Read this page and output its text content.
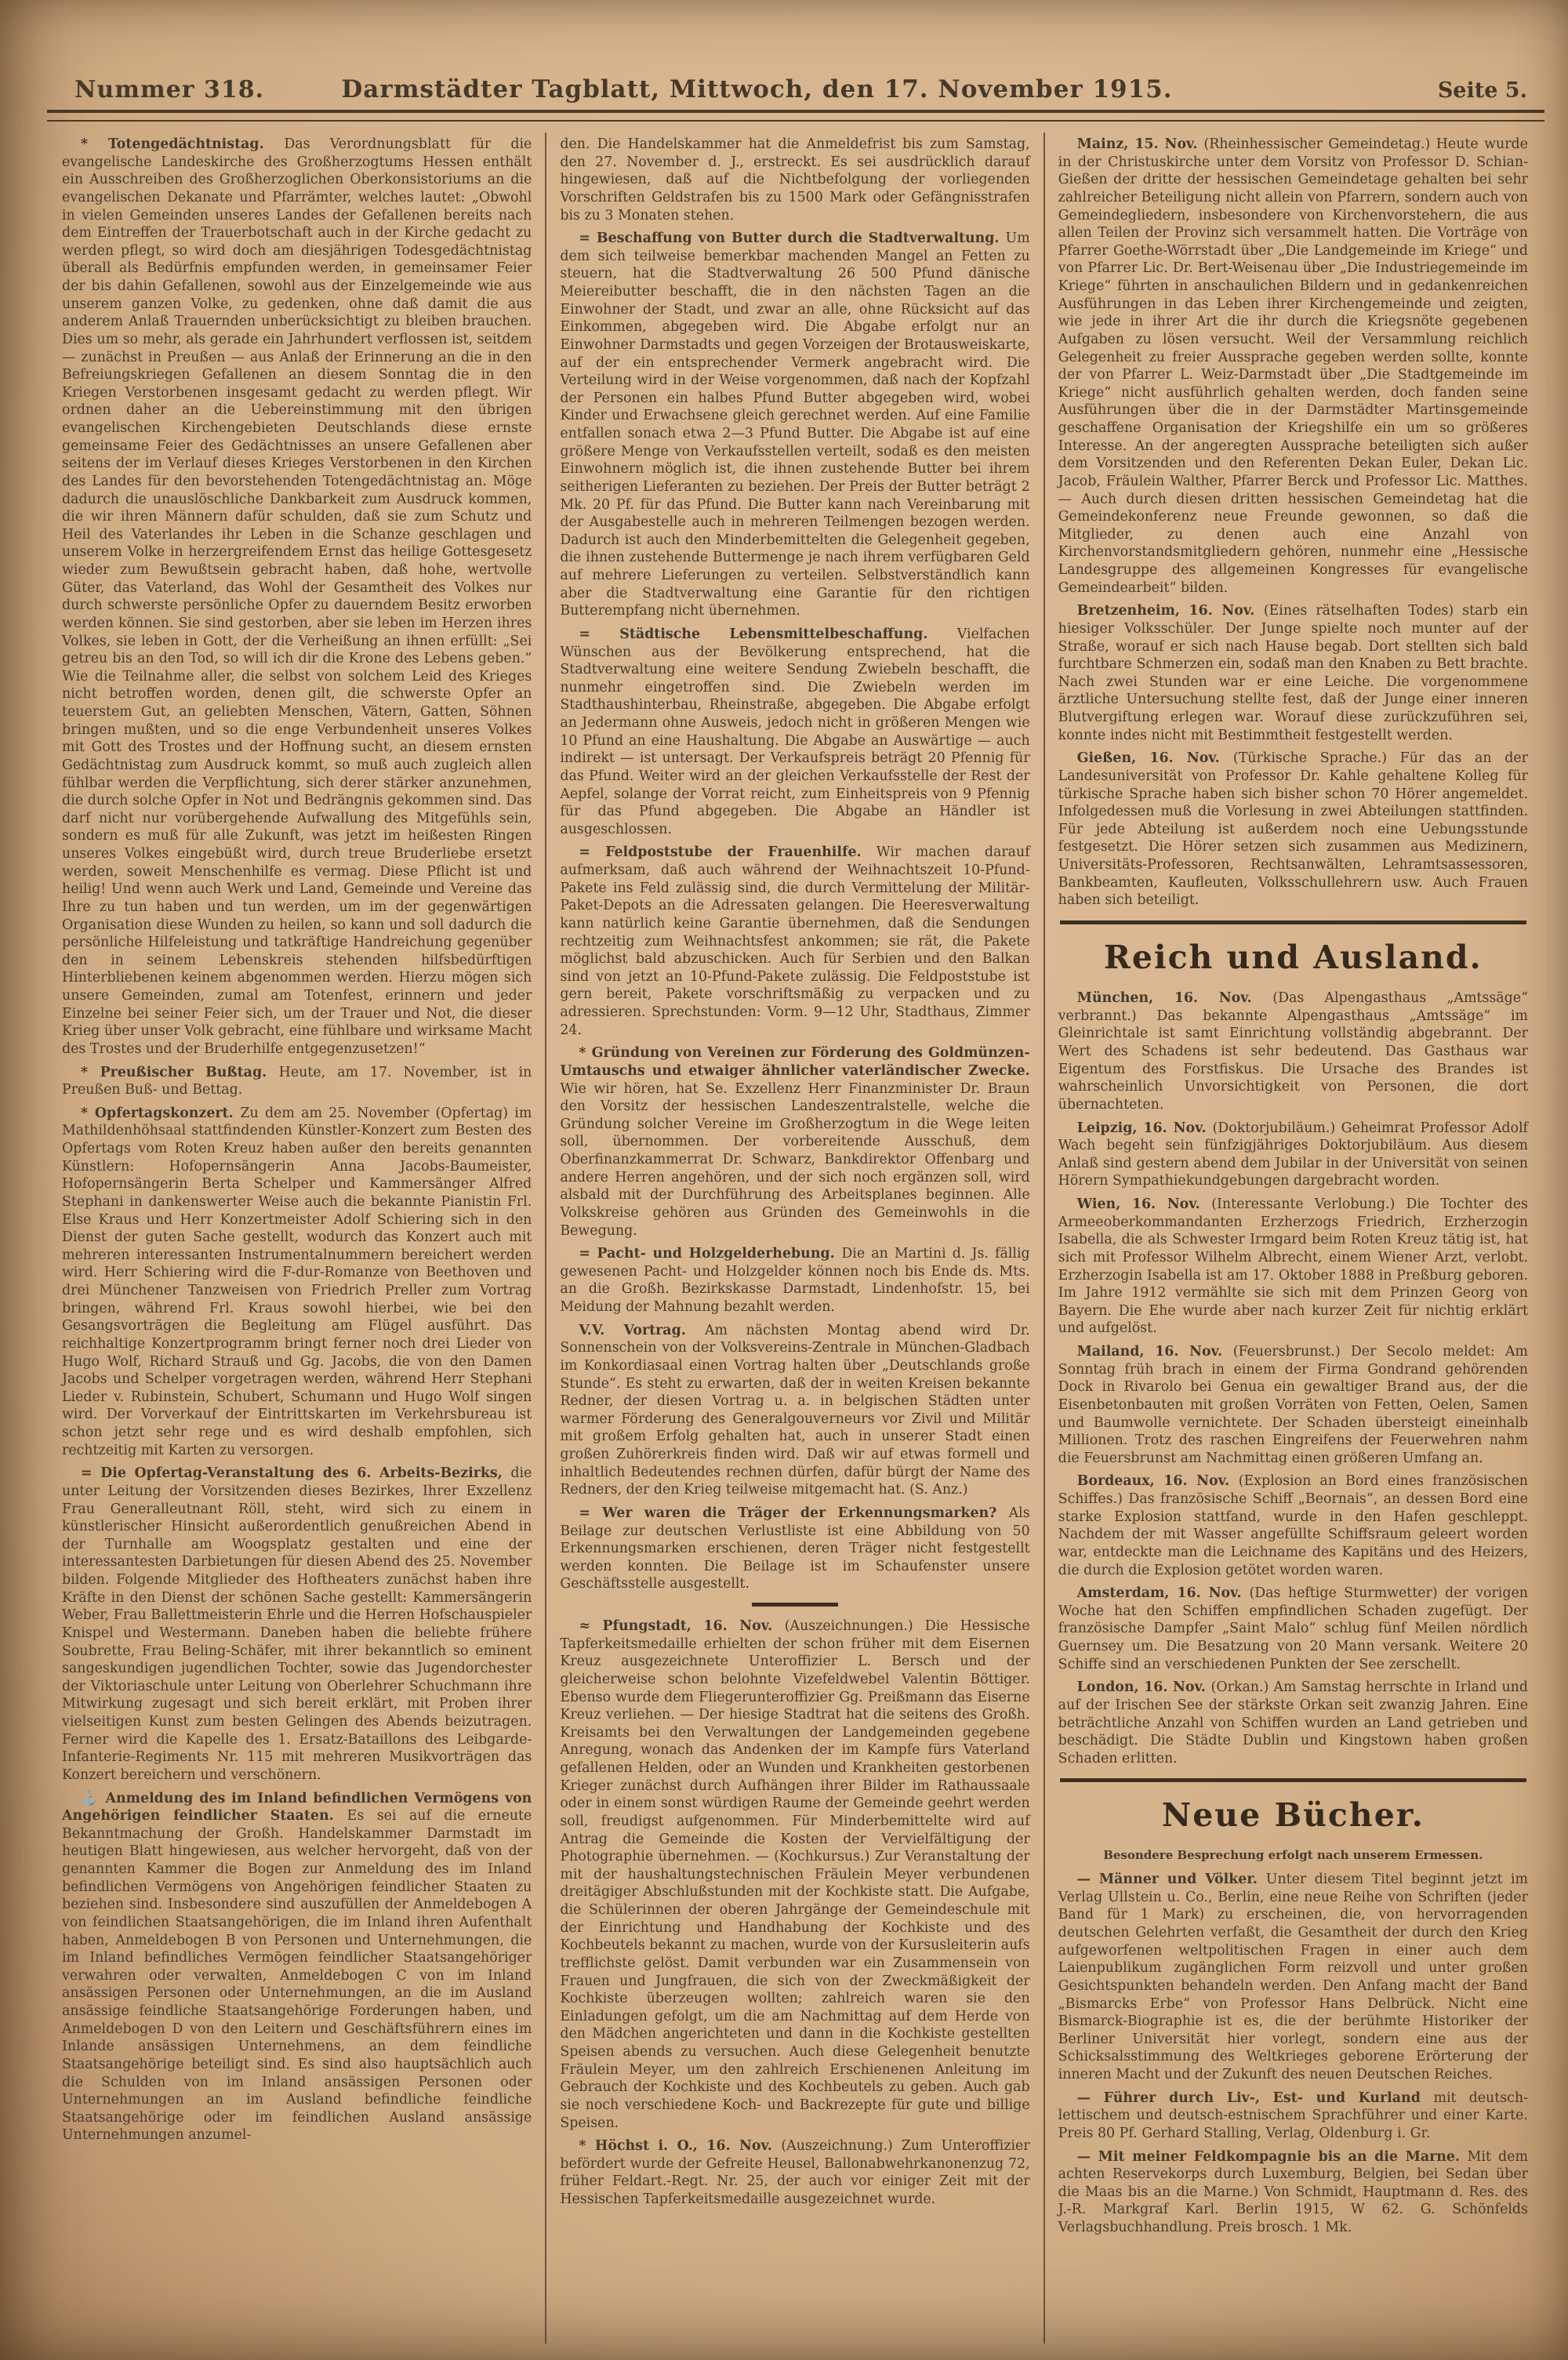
Nummer 318.	Darmstädter Tagblatt, Mittwoch, den 17. November 1915.	Seite 5.

* Totengedächtnistag. Das Verordnungsblatt für die evangelische Landeskirche des Großherzogtums Hessen enthält ein Ausschreiben des Großherzoglichen Oberkonsistoriums an die evangelischen Dekanate und Pfarrämter, welches lautet: „Obwohl in vielen Gemeinden unseres Landes der Gefallenen bereits nach dem Eintreffen der Trauerbotschaft auch in der Kirche gedacht zu werden pflegt, so wird doch am diesjährigen Todesgedächtnistag überall als Bedürfnis empfunden werden, in gemeinsamer Feier der bis dahin Gefallenen, sowohl aus der Einzelgemeinde wie aus unserem ganzen Volke, zu gedenken, ohne daß damit die aus anderem Anlaß Trauernden unberücksichtigt zu bleiben brauchen. Dies um so mehr, als gerade ein Jahrhundert verflossen ist, seitdem — zunächst in Preußen — aus Anlaß der Erinnerung an die in den Befreiungskriegen Gefallenen an diesem Sonntag die in den Kriegen Verstorbenen insgesamt gedacht zu werden pflegt. Wir ordnen daher an die Uebereinstimmung mit den übrigen evangelischen Kirchengebieten Deutschlands diese ernste gemeinsame Feier des Gedächtnisses an unsere Gefallenen aber seitens der im Verlauf dieses Krieges Verstorbenen in den Kirchen des Landes für den bevorstehenden Totengedächtnistag an. Möge dadurch die unauslöschliche Dankbarkeit zum Ausdruck kommen, die wir ihren Männern dafür schulden, daß sie zum Schutz und Heil des Vaterlandes ihr Leben in die Schanze geschlagen und unserem Volke in herzergreifendem Ernst das heilige Gottesgesetz wieder zum Bewußtsein gebracht haben, daß hohe, wertvolle Güter, das Vaterland, das Wohl der Gesamtheit des Volkes nur durch schwerste persönliche Opfer zu dauerndem Besitz erworben werden können. Sie sind gestorben, aber sie leben im Herzen ihres Volkes, sie leben in Gott, der die Verheißung an ihnen erfüllt: „Sei getreu bis an den Tod, so will ich dir die Krone des Lebens geben.“ Wie die Teilnahme aller, die selbst von solchem Leid des Krieges nicht betroffen worden, denen gilt, die schwerste Opfer an teuerstem Gut, an geliebten Menschen, Vätern, Gatten, Söhnen bringen mußten, und so die enge Verbundenheit unseres Volkes mit Gott des Trostes und der Hoffnung sucht, an diesem ernsten Gedächtnistag zum Ausdruck kommt, so muß auch zugleich allen fühlbar werden die Verpflichtung, sich derer stärker anzunehmen, die durch solche Opfer in Not und Bedrängnis gekommen sind. Das darf nicht nur vorübergehende Aufwallung des Mitgefühls sein, sondern es muß für alle Zukunft, was jetzt im heißesten Ringen unseres Volkes eingebüßt wird, durch treue Bruderliebe ersetzt werden, soweit Menschenhilfe es vermag. Diese Pflicht ist und heilig! Und wenn auch Werk und Land, Gemeinde und Vereine das Ihre zu tun haben und tun werden, um im der gegenwärtigen Organisation diese Wunden zu heilen, so kann und soll dadurch die persönliche Hilfeleistung und tatkräftige Handreichung gegenüber den in seinem Lebenskreis stehenden hilfsbedürftigen Hinterbliebenen keinem abgenommen werden. Hierzu mögen sich unsere Gemeinden, zumal am Totenfest, erinnern und jeder Einzelne bei seiner Feier sich, um der Trauer und Not, die dieser Krieg über unser Volk gebracht, eine fühlbare und wirksame Macht des Trostes und der Bruderhilfe entgegenzusetzen!“

* Preußischer Bußtag. Heute, am 17. November, ist in Preußen Buß- und Bettag.

* Opfertagskonzert. Zu dem am 25. November (Opfertag) im Mathildenhöhsaal stattfindenden Künstler-Konzert zum Besten des Opfertags vom Roten Kreuz haben außer den bereits genannten Künstlern: Hofopernsängerin Anna Jacobs-Baumeister, Hofopernsängerin Berta Schelper und Kammersänger Alfred Stephani in dankenswerter Weise auch die bekannte Pianistin Frl. Else Kraus und Herr Konzertmeister Adolf Schiering sich in den Dienst der guten Sache gestellt, wodurch das Konzert auch mit mehreren interessanten Instrumentalnummern bereichert werden wird. Herr Schiering wird die F-dur-Romanze von Beethoven und drei Münchener Tanzweisen von Friedrich Preller zum Vortrag bringen, während Frl. Kraus sowohl hierbei, wie bei den Gesangsvorträgen die Begleitung am Flügel ausführt. Das reichhaltige Konzertprogramm bringt ferner noch drei Lieder von Hugo Wolf, Richard Strauß und Gg. Jacobs, die von den Damen Jacobs und Schelper vorgetragen werden, während Herr Stephani Lieder v. Rubinstein, Schubert, Schumann und Hugo Wolf singen wird. Der Vorverkauf der Eintrittskarten im Verkehrsbureau ist schon jetzt sehr rege und es wird deshalb empfohlen, sich rechtzeitig mit Karten zu versorgen.

= Die Opfertag-Veranstaltung des 6. Arbeits-Bezirks, die unter Leitung der Vorsitzenden dieses Bezirkes, Ihrer Exzellenz Frau Generalleutnant Röll, steht, wird sich zu einem in künstlerischer Hinsicht außerordentlich genußreichen Abend in der Turnhalle am Woogsplatz gestalten und eine der interessantesten Darbietungen für diesen Abend des 25. November bilden. Folgende Mitglieder des Hoftheaters zunächst haben ihre Kräfte in den Dienst der schönen Sache gestellt: Kammersängerin Weber, Frau Ballettmeisterin Ehrle und die Herren Hofschauspieler Knispel und Westermann. Daneben haben die beliebte frühere Soubrette, Frau Beling-Schäfer, mit ihrer bekanntlich so eminent sangeskundigen jugendlichen Tochter, sowie das Jugendorchester der Viktoriaschule unter Leitung von Oberlehrer Schuchmann ihre Mitwirkung zugesagt und sich bereit erklärt, mit Proben ihrer vielseitigen Kunst zum besten Gelingen des Abends beizutragen. Ferner wird die Kapelle des 1. Ersatz-Bataillons des Leibgarde-Infanterie-Regiments Nr. 115 mit mehreren Musikvorträgen das Konzert bereichern und verschönern.

⚓ Anmeldung des im Inland befindlichen Vermögens von Angehörigen feindlicher Staaten. Es sei auf die erneute Bekanntmachung der Großh. Handelskammer Darmstadt im heutigen Blatt hingewiesen, aus welcher hervorgeht, daß von der genannten Kammer die Bogen zur Anmeldung des im Inland befindlichen Vermögens von Angehörigen feindlicher Staaten zu beziehen sind. Insbesondere sind auszufüllen der Anmeldebogen A von feindlichen Staatsangehörigen, die im Inland ihren Aufenthalt haben, Anmeldebogen B von Personen und Unternehmungen, die im Inland befindliches Vermögen feindlicher Staatsangehöriger verwahren oder verwalten, Anmeldebogen C von im Inland ansässigen Personen oder Unternehmungen, an die im Ausland ansässige feindliche Staatsangehörige Forderungen haben, und Anmeldebogen D von den Leitern und Geschäftsführern eines im Inlande ansässigen Unternehmens, an dem feindliche Staatsangehörige beteiligt sind. Es sind also hauptsächlich auch die Schulden von im Inland ansässigen Personen oder Unternehmungen an im Ausland befindliche feindliche Staatsangehörige oder im feindlichen Ausland ansässige Unternehmungen anzumel-

den. Die Handelskammer hat die Anmeldefrist bis zum Samstag, den 27. November d. J., erstreckt. Es sei ausdrücklich darauf hingewiesen, daß auf die Nichtbefolgung der vorliegenden Vorschriften Geldstrafen bis zu 1500 Mark oder Gefängnisstrafen bis zu 3 Monaten stehen.

= Beschaffung von Butter durch die Stadtverwaltung. Um dem sich teilweise bemerkbar machenden Mangel an Fetten zu steuern, hat die Stadtverwaltung 26 500 Pfund dänische Meiereibutter beschafft, die in den nächsten Tagen an die Einwohner der Stadt, und zwar an alle, ohne Rücksicht auf das Einkommen, abgegeben wird. Die Abgabe erfolgt nur an Einwohner Darmstadts und gegen Vorzeigen der Brotausweiskarte, auf der ein entsprechender Vermerk angebracht wird. Die Verteilung wird in der Weise vorgenommen, daß nach der Kopfzahl der Personen ein halbes Pfund Butter abgegeben wird, wobei Kinder und Erwachsene gleich gerechnet werden. Auf eine Familie entfallen sonach etwa 2—3 Pfund Butter. Die Abgabe ist auf eine größere Menge von Verkaufsstellen verteilt, sodaß es den meisten Einwohnern möglich ist, die ihnen zustehende Butter bei ihrem seitherigen Lieferanten zu beziehen. Der Preis der Butter beträgt 2 Mk. 20 Pf. für das Pfund. Die Butter kann nach Vereinbarung mit der Ausgabestelle auch in mehreren Teilmengen bezogen werden. Dadurch ist auch den Minderbemittelten die Gelegenheit gegeben, die ihnen zustehende Buttermenge je nach ihrem verfügbaren Geld auf mehrere Lieferungen zu verteilen. Selbstverständlich kann aber die Stadtverwaltung eine Garantie für den richtigen Butterempfang nicht übernehmen.

= Städtische Lebensmittelbeschaffung. Vielfachen Wünschen aus der Bevölkerung entsprechend, hat die Stadtverwaltung eine weitere Sendung Zwiebeln beschafft, die nunmehr eingetroffen sind. Die Zwiebeln werden im Stadthaushinterbau, Rheinstraße, abgegeben. Die Abgabe erfolgt an Jedermann ohne Ausweis, jedoch nicht in größeren Mengen wie 10 Pfund an eine Haushaltung. Die Abgabe an Auswärtige — auch indirekt — ist untersagt. Der Verkaufspreis beträgt 20 Pfennig für das Pfund. Weiter wird an der gleichen Verkaufsstelle der Rest der Aepfel, solange der Vorrat reicht, zum Einheitspreis von 9 Pfennig für das Pfund abgegeben. Die Abgabe an Händler ist ausgeschlossen.

= Feldpoststube der Frauenhilfe. Wir machen darauf aufmerksam, daß auch während der Weihnachtszeit 10-Pfund-Pakete ins Feld zulässig sind, die durch Vermittelung der Militär-Paket-Depots an die Adressaten gelangen. Die Heeresverwaltung kann natürlich keine Garantie übernehmen, daß die Sendungen rechtzeitig zum Weihnachtsfest ankommen; sie rät, die Pakete möglichst bald abzuschicken. Auch für Serbien und den Balkan sind von jetzt an 10-Pfund-Pakete zulässig. Die Feldpoststube ist gern bereit, Pakete vorschriftsmäßig zu verpacken und zu adressieren. Sprechstunden: Vorm. 9—12 Uhr, Stadthaus, Zimmer 24.

* Gründung von Vereinen zur Förderung des Goldmünzen-Umtauschs und etwaiger ähnlicher vaterländischer Zwecke. Wie wir hören, hat Se. Exzellenz Herr Finanzminister Dr. Braun den Vorsitz der hessischen Landeszentralstelle, welche die Gründung solcher Vereine im Großherzogtum in die Wege leiten soll, übernommen. Der vorbereitende Ausschuß, dem Oberfinanzkammerrat Dr. Schwarz, Bankdirektor Offenbarg und andere Herren angehören, und der sich noch ergänzen soll, wird alsbald mit der Durchführung des Arbeitsplanes beginnen. Alle Volkskreise gehören aus Gründen des Gemeinwohls in die Bewegung.

= Pacht- und Holzgelderhebung. Die an Martini d. Js. fällig gewesenen Pacht- und Holzgelder können noch bis Ende ds. Mts. an die Großh. Bezirkskasse Darmstadt, Lindenhofstr. 15, bei Meidung der Mahnung bezahlt werden.

V.V. Vortrag. Am nächsten Montag abend wird Dr. Sonnenschein von der Volksvereins-Zentrale in München-Gladbach im Konkordiasaal einen Vortrag halten über „Deutschlands große Stunde“. Es steht zu erwarten, daß der in weiten Kreisen bekannte Redner, der diesen Vortrag u. a. in belgischen Städten unter warmer Förderung des Generalgouverneurs vor Zivil und Militär mit großem Erfolg gehalten hat, auch in unserer Stadt einen großen Zuhörerkreis finden wird. Daß wir auf etwas formell und inhaltlich Bedeutendes rechnen dürfen, dafür bürgt der Name des Redners, der den Krieg teilweise mitgemacht hat. (S. Anz.)

= Wer waren die Träger der Erkennungsmarken? Als Beilage zur deutschen Verlustliste ist eine Abbildung von 50 Erkennungsmarken erschienen, deren Träger nicht festgestellt werden konnten. Die Beilage ist im Schaufenster unsere Geschäftsstelle ausgestellt.

≈ Pfungstadt, 16. Nov. (Auszeichnungen.) Die Hessische Tapferkeitsmedaille erhielten der schon früher mit dem Eisernen Kreuz ausgezeichnete Unteroffizier L. Bersch und der gleicherweise schon belohnte Vizefeldwebel Valentin Böttiger. Ebenso wurde dem Fliegerunteroffizier Gg. Preißmann das Eiserne Kreuz verliehen. — Der hiesige Stadtrat hat die seitens des Großh. Kreisamts bei den Verwaltungen der Landgemeinden gegebene Anregung, wonach das Andenken der im Kampfe fürs Vaterland gefallenen Helden, oder an Wunden und Krankheiten gestorbenen Krieger zunächst durch Aufhängen ihrer Bilder im Rathaussaale oder in einem sonst würdigen Raume der Gemeinde geehrt werden soll, freudigst aufgenommen. Für Minderbemittelte wird auf Antrag die Gemeinde die Kosten der Vervielfältigung der Photographie übernehmen. — (Kochkursus.) Zur Veranstaltung der mit der haushaltungstechnischen Fräulein Meyer verbundenen dreitägiger Abschlußstunden mit der Kochkiste statt. Die Aufgabe, die Schülerinnen der oberen Jahrgänge der Gemeindeschule mit der Einrichtung und Handhabung der Kochkiste und des Kochbeutels bekannt zu machen, wurde von der Kursusleiterin aufs trefflichste gelöst. Damit verbunden war ein Zusammensein von Frauen und Jungfrauen, die sich von der Zweckmäßigkeit der Kochkiste überzeugen wollten; zahlreich waren sie den Einladungen gefolgt, um die am Nachmittag auf dem Herde von den Mädchen angerichteten und dann in die Kochkiste gestellten Speisen abends zu versuchen. Auch diese Gelegenheit benutzte Fräulein Meyer, um den zahlreich Erschienenen Anleitung im Gebrauch der Kochkiste und des Kochbeutels zu geben. Auch gab sie noch verschiedene Koch- und Backrezepte für gute und billige Speisen.

* Höchst i. O., 16. Nov. (Auszeichnung.) Zum Unteroffizier befördert wurde der Gefreite Heusel, Ballonabwehrkanonenzug 72, früher Feldart.-Regt. Nr. 25, der auch vor einiger Zeit mit der Hessischen Tapferkeitsmedaille ausgezeichnet wurde.

Mainz, 15. Nov. (Rheinhessischer Gemeindetag.) Heute wurde in der Christuskirche unter dem Vorsitz von Professor D. Schian-Gießen der dritte der hessischen Gemeindetage gehalten bei sehr zahlreicher Beteiligung nicht allein von Pfarrern, sondern auch von Gemeindegliedern, insbesondere von Kirchenvorstehern, die aus allen Teilen der Provinz sich versammelt hatten. Die Vorträge von Pfarrer Goethe-Wörrstadt über „Die Landgemeinde im Kriege“ und von Pfarrer Lic. Dr. Bert-Weisenau über „Die Industriegemeinde im Kriege“ führten in anschaulichen Bildern und in gedankenreichen Ausführungen in das Leben ihrer Kirchengemeinde und zeigten, wie jede in ihrer Art die ihr durch die Kriegsnöte gegebenen Aufgaben zu lösen versucht. Weil der Versammlung reichlich Gelegenheit zu freier Aussprache gegeben werden sollte, konnte der von Pfarrer L. Weiz-Darmstadt über „Die Stadtgemeinde im Kriege“ nicht ausführlich gehalten werden, doch fanden seine Ausführungen über die in der Darmstädter Martinsgemeinde geschaffene Organisation der Kriegshilfe ein um so größeres Interesse. An der angeregten Aussprache beteiligten sich außer dem Vorsitzenden und den Referenten Dekan Euler, Dekan Lic. Jacob, Fräulein Walther, Pfarrer Berck und Professor Lic. Matthes. — Auch durch diesen dritten hessischen Gemeindetag hat die Gemeindekonferenz neue Freunde gewonnen, so daß die Mitglieder, zu denen auch eine Anzahl von Kirchenvorstandsmitgliedern gehören, nunmehr eine „Hessische Landesgruppe des allgemeinen Kongresses für evangelische Gemeindearbeit“ bilden.

Bretzenheim, 16. Nov. (Eines rätselhaften Todes) starb ein hiesiger Volksschüler. Der Junge spielte noch munter auf der Straße, worauf er sich nach Hause begab. Dort stellten sich bald furchtbare Schmerzen ein, sodaß man den Knaben zu Bett brachte. Nach zwei Stunden war er eine Leiche. Die vorgenommene ärztliche Untersuchung stellte fest, daß der Junge einer inneren Blutvergiftung erlegen war. Worauf diese zurückzuführen sei, konnte indes nicht mit Bestimmtheit festgestellt werden.

Gießen, 16. Nov. (Türkische Sprache.) Für das an der Landesuniversität von Professor Dr. Kahle gehaltene Kolleg für türkische Sprache haben sich bisher schon 70 Hörer angemeldet. Infolgedessen muß die Vorlesung in zwei Abteilungen stattfinden. Für jede Abteilung ist außerdem noch eine Uebungsstunde festgesetzt. Die Hörer setzen sich zusammen aus Medizinern, Universitäts-Professoren, Rechtsanwälten, Lehramtsassessoren, Bankbeamten, Kaufleuten, Volksschullehrern usw. Auch Frauen haben sich beteiligt.

Reich und Ausland.

München, 16. Nov. (Das Alpengasthaus „Amtssäge“ verbrannt.) Das bekannte Alpengasthaus „Amtssäge“ im Gleinrichtale ist samt Einrichtung vollständig abgebrannt. Der Wert des Schadens ist sehr bedeutend. Das Gasthaus war Eigentum des Forstfiskus. Die Ursache des Brandes ist wahrscheinlich Unvorsichtigkeit von Personen, die dort übernachteten.

Leipzig, 16. Nov. (Doktorjubiläum.) Geheimrat Professor Adolf Wach begeht sein fünfzigjähriges Doktorjubiläum. Aus diesem Anlaß sind gestern abend dem Jubilar in der Universität von seinen Hörern Sympathiekundgebungen dargebracht worden.

Wien, 16. Nov. (Interessante Verlobung.) Die Tochter des Armeeoberkommandanten Erzherzogs Friedrich, Erzherzogin Isabella, die als Schwester Irmgard beim Roten Kreuz tätig ist, hat sich mit Professor Wilhelm Albrecht, einem Wiener Arzt, verlobt. Erzherzogin Isabella ist am 17. Oktober 1888 in Preßburg geboren. Im Jahre 1912 vermählte sie sich mit dem Prinzen Georg von Bayern. Die Ehe wurde aber nach kurzer Zeit für nichtig erklärt und aufgelöst.

Mailand, 16. Nov. (Feuersbrunst.) Der Secolo meldet: Am Sonntag früh brach in einem der Firma Gondrand gehörenden Dock in Rivarolo bei Genua ein gewaltiger Brand aus, der die Eisenbetonbauten mit großen Vorräten von Fetten, Oelen, Samen und Baumwolle vernichtete. Der Schaden übersteigt eineinhalb Millionen. Trotz des raschen Eingreifens der Feuerwehren nahm die Feuersbrunst am Nachmittag einen größeren Umfang an.

Bordeaux, 16. Nov. (Explosion an Bord eines französischen Schiffes.) Das französische Schiff „Beornais“, an dessen Bord eine starke Explosion stattfand, wurde in den Hafen geschleppt. Nachdem der mit Wasser angefüllte Schiffsraum geleert worden war, entdeckte man die Leichname des Kapitäns und des Heizers, die durch die Explosion getötet worden waren.

Amsterdam, 16. Nov. (Das heftige Sturmwetter) der vorigen Woche hat den Schiffen empfindlichen Schaden zugefügt. Der französische Dampfer „Saint Malo“ schlug fünf Meilen nördlich Guernsey um. Die Besatzung von 20 Mann versank. Weitere 20 Schiffe sind an verschiedenen Punkten der See zerschellt.

London, 16. Nov. (Orkan.) Am Samstag herrschte in Irland und auf der Irischen See der stärkste Orkan seit zwanzig Jahren. Eine beträchtliche Anzahl von Schiffen wurden an Land getrieben und beschädigt. Die Städte Dublin und Kingstown haben großen Schaden erlitten.

Neue Bücher.

Besondere Besprechung erfolgt nach unserem Ermessen.

— Männer und Völker. Unter diesem Titel beginnt jetzt im Verlag Ullstein u. Co., Berlin, eine neue Reihe von Schriften (jeder Band für 1 Mark) zu erscheinen, die, von hervorragenden deutschen Gelehrten verfaßt, die Gesamtheit der durch den Krieg aufgeworfenen weltpolitischen Fragen in einer auch dem Laienpublikum zugänglichen Form reizvoll und unter großen Gesichtspunkten behandeln werden. Den Anfang macht der Band „Bismarcks Erbe“ von Professor Hans Delbrück. Nicht eine Bismarck-Biographie ist es, die der berühmte Historiker der Berliner Universität hier vorlegt, sondern eine aus der Schicksalsstimmung des Weltkrieges geborene Erörterung der inneren Macht und der Zukunft des neuen Deutschen Reiches.

— Führer durch Liv-, Est- und Kurland mit deutsch-lettischem und deutsch-estnischem Sprachführer und einer Karte. Preis 80 Pf. Gerhard Stalling, Verlag, Oldenburg i. Gr.

— Mit meiner Feldkompagnie bis an die Marne. Mit dem achten Reservekorps durch Luxemburg, Belgien, bei Sedan über die Maas bis an die Marne.) Von Schmidt, Hauptmann d. Res. des J.-R. Markgraf Karl. Berlin 1915, W 62. G. Schönfelds Verlagsbuchhandlung. Preis brosch. 1 Mk.
